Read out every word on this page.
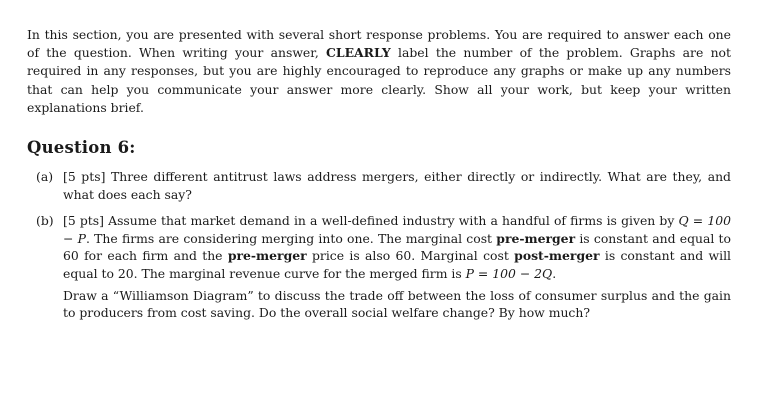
In this section, you are presented with several short response problems. You are required to answer each one of the question. When writing your answer, CLEARLY label the number of the problem. Graphs are not required in any responses, but you are highly encouraged to reproduce any graphs or make up any numbers that can help you communicate your answer more clearly. Show all your work, but keep your written explanations brief.

Question 6:
(a) [5 pts] Three different antitrust laws address mergers, either directly or indirectly. What are they, and what does each say?

(b) [5 pts] Assume that market demand in a well-defined industry with a handful of firms is given by Q = 100 − P. The firms are considering merging into one. The marginal cost pre-merger is constant and equal to 60 for each firm and the pre-merger price is also 60. Marginal cost post-merger is constant and will equal to 20. The marginal revenue curve for the merged firm is P = 100 − 2Q.

Draw a “Williamson Diagram” to discuss the trade off between the loss of consumer surplus and the gain to producers from cost saving. Do the overall social welfare change? By how much?
